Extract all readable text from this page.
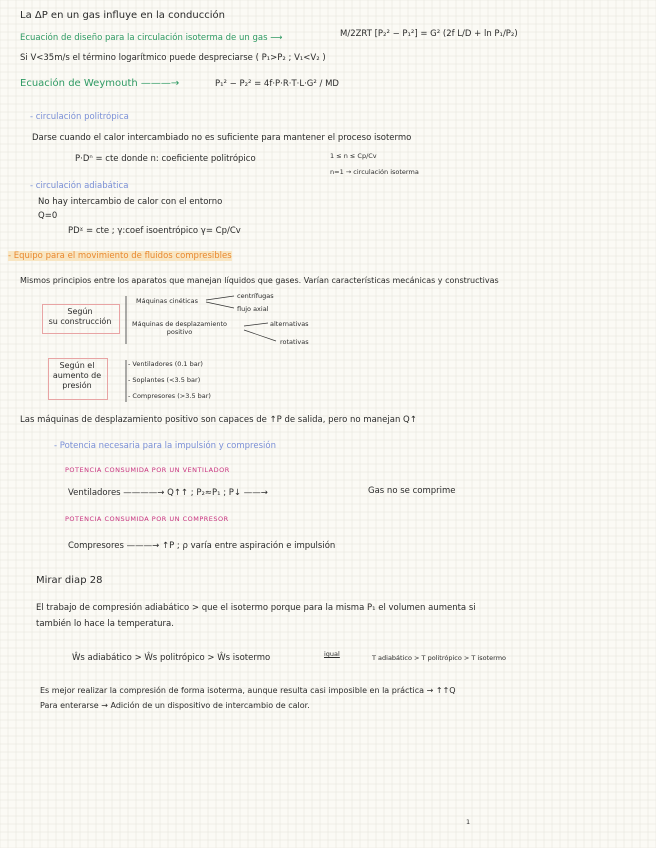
La ΔP en un gas influye en la conducción
Ecuación de diseño para la circulación isoterma de un gas ⟶	M/2ZRT [P₂² − P₁²] = G² (2f L/D + ln P₁/P₂)
Si V<35m/s el término logarítmico puede despreciarse ( P₁>P₂ ; V₁<V₂ )
Ecuación de Weymouth ———→	P₁² − P₂² = 4f·P·R·T·L·G² / MD
- circulación politrópica
Darse cuando el calor intercambiado no es suficiente para mantener el proceso isotermo
P·Dⁿ = cte donde n: coeficiente politrópico	1 ≤ n ≤ Cp/Cv
n=1 → circulación isoterma
- circulación adiabática
No hay intercambio de calor con el entorno
Q=0
PDˠ = cte ; γ:coef isoentrópico γ= Cp/Cv
- Equipo para el movimiento de fluidos compresibles
Mismos principios entre los aparatos que manejan líquidos que gases. Varían características mecánicas y constructivas
Según
su construcción
Máquinas cinéticas
centrífugas
flujo axial
Máquinas de desplazamiento
positivo
alternativas
rotativas
Según el
aumento de
presión
- Ventiladores (0.1 bar)
- Soplantes (<3.5 bar)
- Compresores (>3.5 bar)
Las máquinas de desplazamiento positivo son capaces de ↑P de salida, pero no manejan Q↑
- Potencia necesaria para la impulsión y compresión
POTENCIA CONSUMIDA POR UN VENTILADOR
Ventiladores ————→ Q↑↑ ; P₂≈P₁ ; P↓ ——→	Gas no se comprime
POTENCIA CONSUMIDA POR UN COMPRESOR
Compresores ———→ ↑P ; ρ varía entre aspiración e impulsión
Mirar diap 28
El trabajo de compresión adiabático > que el isotermo porque para la misma P₁ el volumen aumenta si
también lo hace la temperatura.
Ŵs adiabático > Ŵs politrópico > Ŵs isotermo	igual	T adiabático > T politrópico > T isotermo
Es mejor realizar la compresión de forma isoterma, aunque resulta casi imposible en la práctica → ↑↑Q
Para enterarse → Adición de un dispositivo de intercambio de calor.
1
